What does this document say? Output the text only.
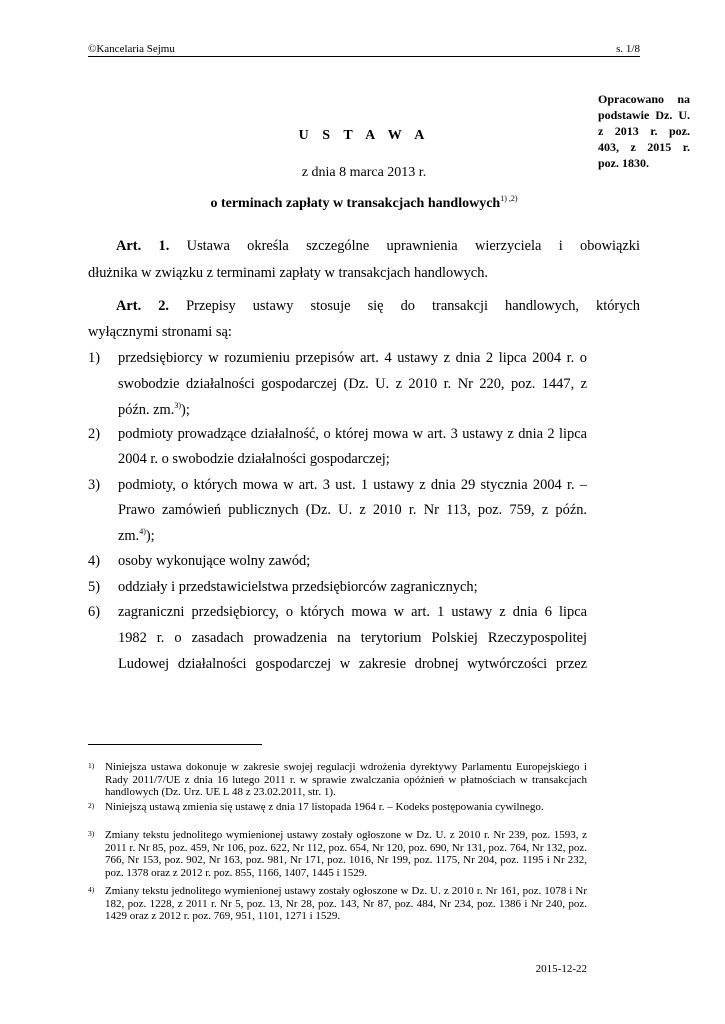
©Kancelaria Sejmu	s. 1/8
Opracowano na
podstawie Dz. U.
z 2013 r. poz.
403, z 2015 r.
poz. 1830.
U S T A W A
z dnia 8 marca 2013 r.
o terminach zapłaty w transakcjach handlowych$^{1) ,2)}$
Art. 1. Ustawa określa szczególne uprawnienia wierzyciela i obowiązki
dłużnika w związku z terminami zapłaty w transakcjach handlowych.
Art. 2. Przepisy ustawy stosuje się do transakcji handlowych, których
wyłącznymi stronami są:
1) przedsiębiorcy w rozumieniu przepisów art. 4 ustawy z dnia 2 lipca 2004 r. o
swobodzie działalności gospodarczej (Dz. U. z 2010 r. Nr 220, poz. 1447, z
późn. zm.$^{3)}$);
2) podmioty prowadzące działalność, o której mowa w art. 3 ustawy z dnia 2 lipca
2004 r. o swobodzie działalności gospodarczej;
3) podmioty, o których mowa w art. 3 ust. 1 ustawy z dnia 29 stycznia 2004 r. –
Prawo zamówień publicznych (Dz. U. z 2010 r. Nr 113, poz. 759, z późn.
zm.$^{4)}$);
4) osoby wykonujące wolny zawód;
5) oddziały i przedstawicielstwa przedsiębiorców zagranicznych;
6) zagraniczni przedsiębiorcy, o których mowa w art. 1 ustawy z dnia 6 lipca
1982 r. o zasadach prowadzenia na terytorium Polskiej Rzeczypospolitej
Ludowej działalności gospodarczej w zakresie drobnej wytwórczości przez
1) Niniejsza ustawa dokonuje w zakresie swojej regulacji wdrożenia dyrektywy Parlamentu Europejskiego i Rady 2011/7/UE z dnia 16 lutego 2011 r. w sprawie zwalczania opóźnień w płatnościach w transakcjach handlowych (Dz. Urz. UE L 48 z 23.02.2011, str. 1).
2) Niniejszą ustawą zmienia się ustawę z dnia 17 listopada 1964 r. – Kodeks postępowania cywilnego.
3) Zmiany tekstu jednolitego wymienionej ustawy zostały ogłoszone w Dz. U. z 2010 r. Nr 239, poz. 1593, z 2011 r. Nr 85, poz. 459, Nr 106, poz. 622, Nr 112, poz. 654, Nr 120, poz. 690, Nr 131, poz. 764, Nr 132, poz. 766, Nr 153, poz. 902, Nr 163, poz. 981, Nr 171, poz. 1016, Nr 199, poz. 1175, Nr 204, poz. 1195 i Nr 232, poz. 1378 oraz z 2012 r. poz. 855, 1166, 1407, 1445 i 1529.
4) Zmiany tekstu jednolitego wymienionej ustawy zostały ogłoszone w Dz. U. z 2010 r. Nr 161, poz. 1078 i Nr 182, poz. 1228, z 2011 r. Nr 5, poz. 13, Nr 28, poz. 143, Nr 87, poz. 484, Nr 234, poz. 1386 i Nr 240, poz. 1429 oraz z 2012 r. poz. 769, 951, 1101, 1271 i 1529.
2015-12-22
